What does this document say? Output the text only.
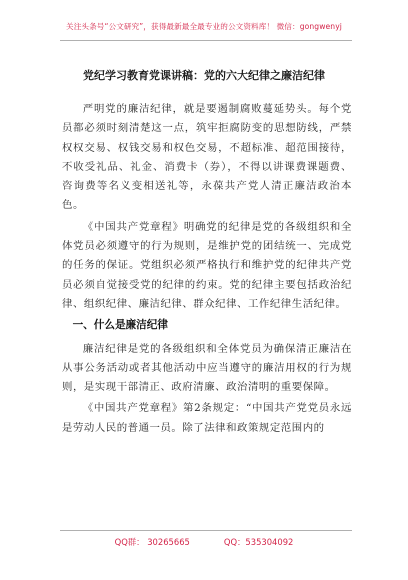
关注头条号“公文研究”，获得最新最全最专业的公文资料库！ 微信：gongwenyj
党纪学习教育党课讲稿：党的六大纪律之廉洁纪律

严明党的廉洁纪律，就是要遏制腐败蔓延势头。每个党员都必须时刻清楚这一点，筑牢拒腐防变的思想防线，严禁权权交易、权钱交易和权色交易，不超标准、超范围接待，不收受礼品、礼金、消费卡（券），不得以讲课费课题费、咨询费等名义变相送礼等，永葆共产党人清正廉洁政治本色。

《中国共产党章程》明确党的纪律是党的各级组织和全体党员必须遵守的行为规则，是维护党的团结统一、完成党的任务的保证。党组织必须严格执行和维护党的纪律共产党员必须自觉接受党的纪律的约束。党的纪律主要包括政治纪律、组织纪律、廉洁纪律、群众纪律、工作纪律生活纪律。

一、什么是廉洁纪律

廉洁纪律是党的各级组织和全体党员为确保清正廉洁在从事公务活动或者其他活动中应当遵守的廉洁用权的行为规则，是实现干部清正、政府清廉、政治清明的重要保障。

《中国共产党章程》第2条规定：“中国共产党党员永远是劳动人民的普通一员。除了法律和政策规定范围内的

QQ群： 30265665	QQ：535304092
